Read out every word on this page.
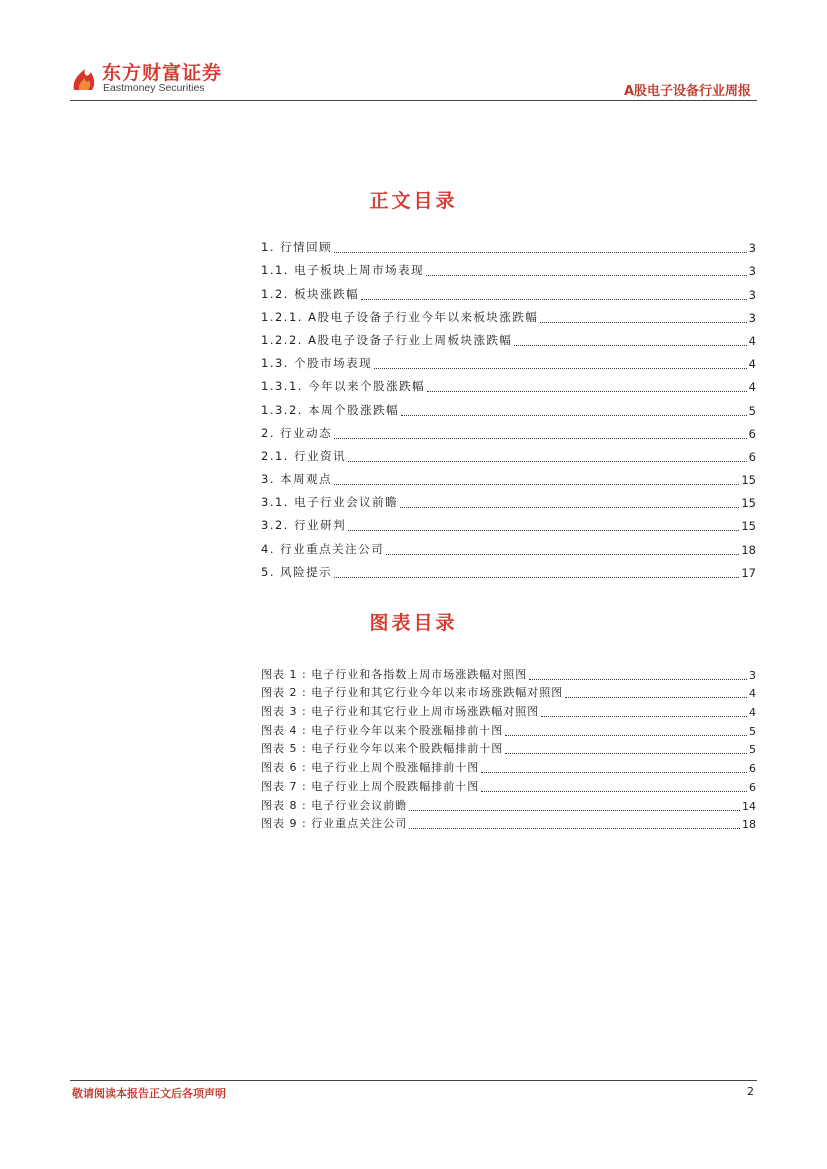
东方财富证券
Eastmoney Securities	A股电子设备行业周报
正文目录
1. 行情回顾	3
1.1. 电子板块上周市场表现	3
1.2. 板块涨跌幅	3
1.2.1. A股电子设备子行业今年以来板块涨跌幅	3
1.2.2. A股电子设备子行业上周板块涨跌幅	4
1.3. 个股市场表现	4
1.3.1. 今年以来个股涨跌幅	4
1.3.2. 本周个股涨跌幅	5
2. 行业动态	6
2.1. 行业资讯	6
3. 本周观点	15
3.1. 电子行业会议前瞻	15
3.2. 行业研判	15
4. 行业重点关注公司	18
5. 风险提示	17
图表目录
图表 1 : 电子行业和各指数上周市场涨跌幅对照图	3
图表 2 : 电子行业和其它行业今年以来市场涨跌幅对照图	4
图表 3 : 电子行业和其它行业上周市场涨跌幅对照图	4
图表 4 : 电子行业今年以来个股涨幅排前十图	5
图表 5 : 电子行业今年以来个股跌幅排前十图	5
图表 6 : 电子行业上周个股涨幅排前十图	6
图表 7 : 电子行业上周个股跌幅排前十图	6
图表 8 : 电子行业会议前瞻	14
图表 9 : 行业重点关注公司	18
敬请阅读本报告正文后各项声明	2
